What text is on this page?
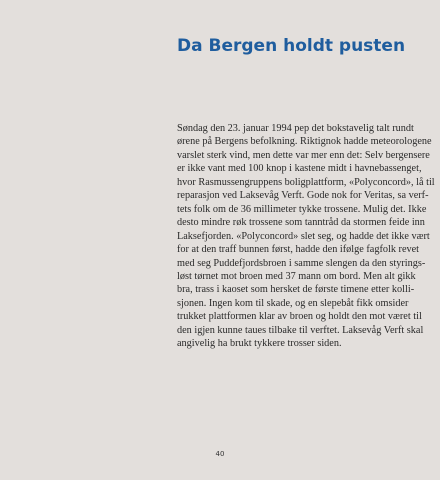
Da Bergen holdt pusten

Søndag den 23. januar 1994 pep det bokstavelig talt rundt
ørene på Bergens befolkning. Riktignok hadde meteorologene
varslet sterk vind, men dette var mer enn det: Selv bergensere
er ikke vant med 100 knop i kastene midt i havnebassenget,
hvor Rasmussengruppens boligplattform, «Polyconcord», lå til
reparasjon ved Laksevåg Verft. Gode nok for Veritas, sa verf-
tets folk om de 36 millimeter tykke trossene. Mulig det. Ikke
desto mindre røk trossene som tanntråd da stormen feide inn
Laksefjorden. «Polyconcord» slet seg, og hadde det ikke vært
for at den traff bunnen først, hadde den ifølge fagfolk revet
med seg Puddefjordsbroen i samme slengen da den styrings-
løst tørnet mot broen med 37 mann om bord. Men alt gikk
bra, trass i kaoset som hersket de første timene etter kolli-
sjonen. Ingen kom til skade, og en slepebåt fikk omsider
trukket plattformen klar av broen og holdt den mot været til
den igjen kunne taues tilbake til verftet. Laksevåg Verft skal
angivelig ha brukt tykkere trosser siden.

40
